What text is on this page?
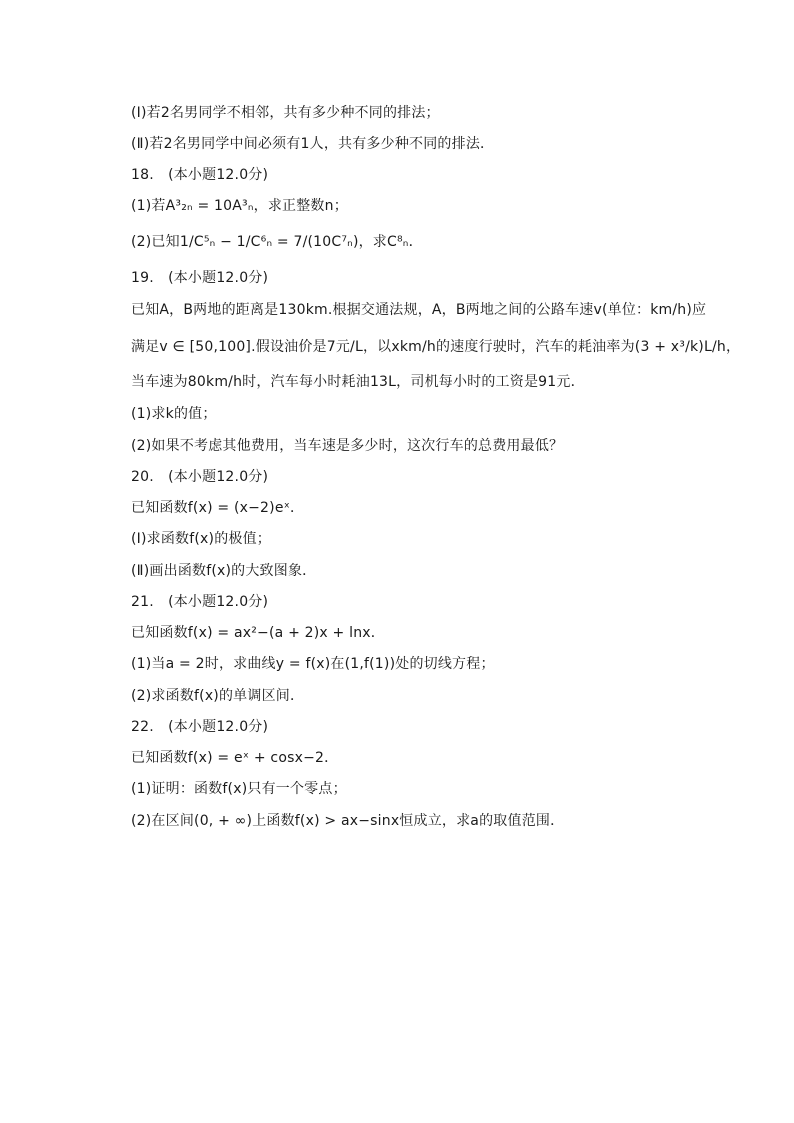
(Ⅰ)若2名男同学不相邻，共有多少种不同的排法；
(Ⅱ)若2名男同学中间必须有1人，共有多少种不同的排法．
18.　(本小题12.0分)
(1)若A³₂ₙ = 10A³ₙ，求正整数n；
(2)已知1/C⁵ₙ − 1/C⁶ₙ = 7/(10C⁷ₙ)，求C⁸ₙ．
19.　(本小题12.0分)
已知A，B两地的距离是130km.根据交通法规，A，B两地之间的公路车速v(单位：km/h)应
满足v ∈ [50,100].假设油价是7元/L，以xkm/h的速度行驶时，汽车的耗油率为(3 + x³/k)L/h，
当车速为80km/h时，汽车每小时耗油13L，司机每小时的工资是91元．
(1)求k的值；
(2)如果不考虑其他费用，当车速是多少时，这次行车的总费用最低？
20.　(本小题12.0分)
已知函数f(x) = (x−2)eˣ．
(Ⅰ)求函数f(x)的极值；
(Ⅱ)画出函数f(x)的大致图象．
21.　(本小题12.0分)
已知函数f(x) = ax²−(a + 2)x + lnx．
(1)当a = 2时，求曲线y = f(x)在(1,f(1))处的切线方程；
(2)求函数f(x)的单调区间．
22.　(本小题12.0分)
已知函数f(x) = eˣ + cosx−2．
(1)证明：函数f(x)只有一个零点；
(2)在区间(0, + ∞)上函数f(x) > ax−sinx恒成立，求a的取值范围．
